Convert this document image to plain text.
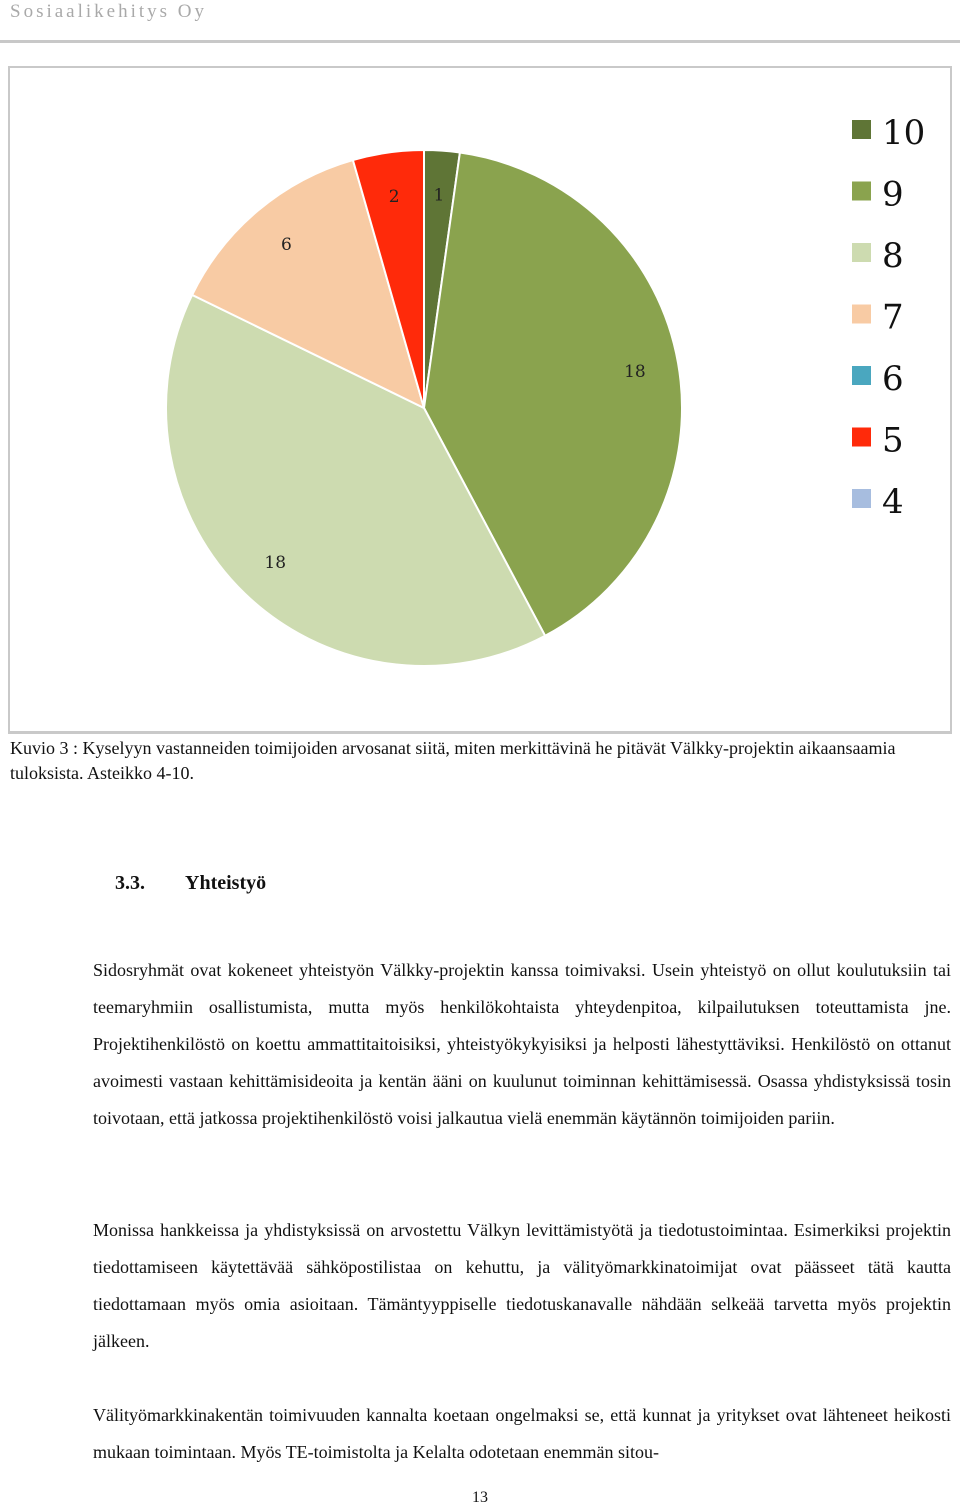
Sosiaalikehitys Oy
1
18
18
6
2
10
9
8
7
6
5
4

Kuvio 3 : Kyselyyn vastanneiden toimijoiden arvosanat siitä, miten merkittävinä he pitävät Välkky-projektin aikaansaamia tuloksista. Asteikko 4-10.

3.3. Yhteistyö

Sidosryhmät ovat kokeneet yhteistyön Välkky-projektin kanssa toimivaksi. Usein yhteistyö on ollut koulutuksiin tai teemaryhmiin osallistumista, mutta myös henkilökohtaista yhteydenpitoa, kilpailutuksen toteuttamista jne. Projektihenkilöstö on koettu ammattitaitoisiksi, yhteistyökykyisiksi ja helposti lähestyttäviksi. Henkilöstö on ottanut avoimesti vastaan kehittämisideoita ja kentän ääni on kuulunut toiminnan kehittämisessä. Osassa yhdistyksissä tosin toivotaan, että jatkossa projektihenkilöstö voisi jalkautua vielä enemmän käytännön toimijoiden pariin.

Monissa hankkeissa ja yhdistyksissä on arvostettu Välkyn levittämistyötä ja tiedotustoimintaa. Esimerkiksi projektin tiedottamiseen käytettävää sähköpostilistaa on kehuttu, ja välityömarkkinatoimijat ovat päässeet tätä kautta tiedottamaan myös omia asioitaan. Tämäntyyppiselle tiedotuskanavalle nähdään selkeää tarvetta myös projektin jälkeen.

Välityömarkkinakentän toimivuuden kannalta koetaan ongelmaksi se, että kunnat ja yritykset ovat lähteneet heikosti mukaan toimintaan. Myös TE-toimistolta ja Kelalta odotetaan enemmän sitou-

13
